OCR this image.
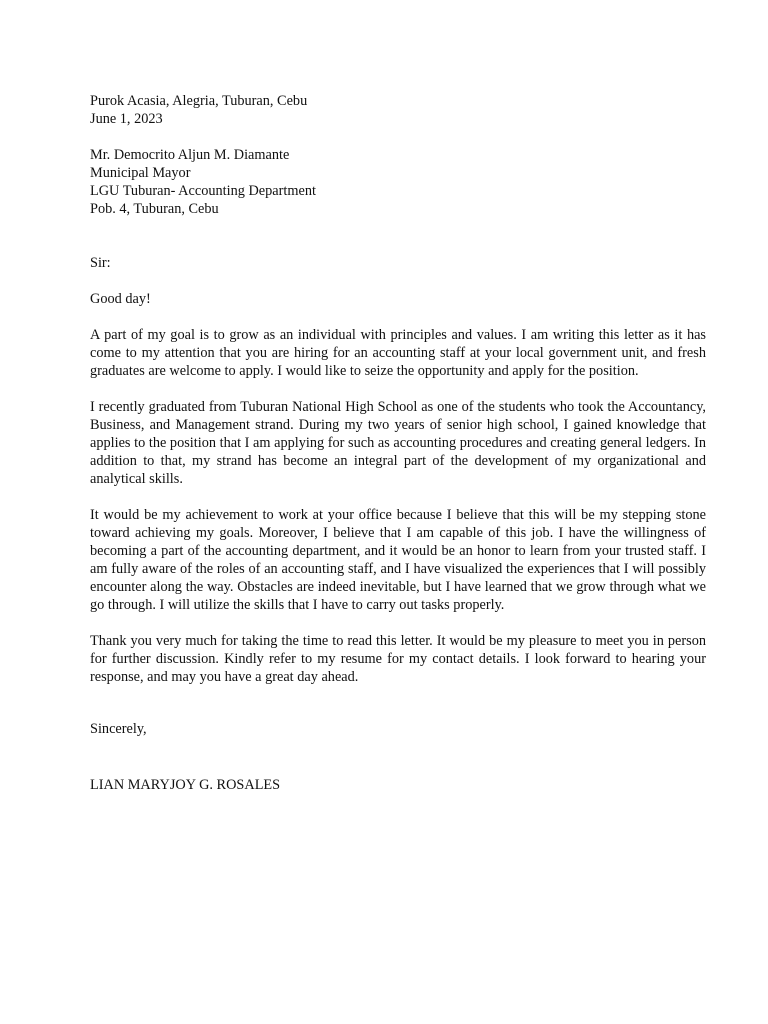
Purok Acasia, Alegria, Tuburan, Cebu
June 1, 2023
Mr. Democrito Aljun M. Diamante
Municipal Mayor
LGU Tuburan- Accounting Department
Pob. 4, Tuburan, Cebu
Sir:
Good day!

A part of my goal is to grow as an individual with principles and values. I am writing this letter as it has come to my attention that you are hiring for an accounting staff at your local government unit, and fresh graduates are welcome to apply. I would like to seize the opportunity and apply for the position.

I recently graduated from Tuburan National High School as one of the students who took the Accountancy, Business, and Management strand. During my two years of senior high school, I gained knowledge that applies to the position that I am applying for such as accounting procedures and creating general ledgers. In addition to that, my strand has become an integral part of the development of my organizational and analytical skills.

It would be my achievement to work at your office because I believe that this will be my stepping stone toward achieving my goals. Moreover, I believe that I am capable of this job. I have the willingness of becoming a part of the accounting department, and it would be an honor to learn from your trusted staff. I am fully aware of the roles of an accounting staff, and I have visualized the experiences that I will possibly encounter along the way. Obstacles are indeed inevitable, but I have learned that we grow through what we go through. I will utilize the skills that I have to carry out tasks properly.

Thank you very much for taking the time to read this letter. It would be my pleasure to meet you in person for further discussion. Kindly refer to my resume for my contact details. I look forward to hearing your response, and may you have a great day ahead.

Sincerely,
LIAN MARYJOY G. ROSALES
